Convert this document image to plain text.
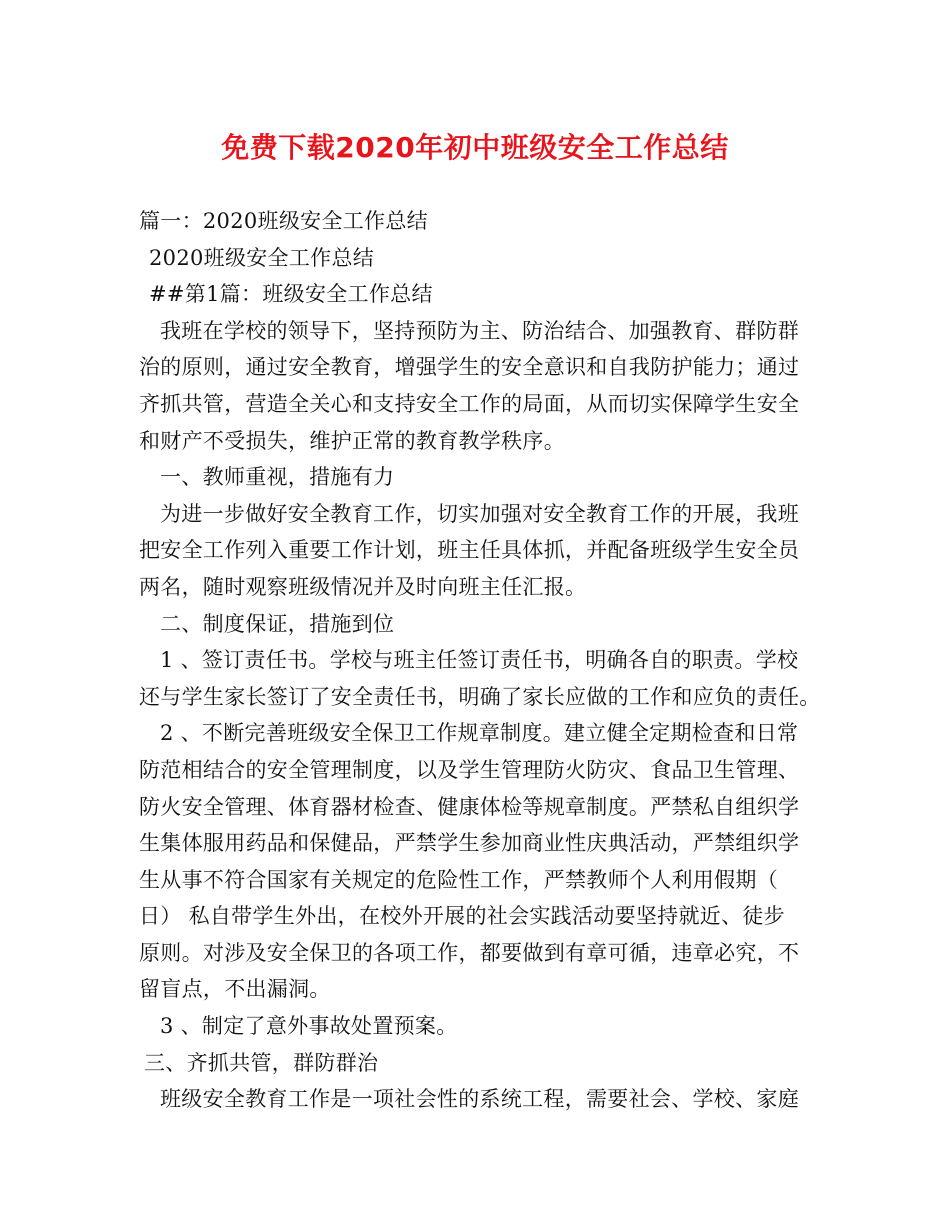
免费下载2020年初中班级安全工作总结
篇一：2020班级安全工作总结
2020班级安全工作总结
##第1篇：班级安全工作总结
我班在学校的领导下，坚持预防为主、防治结合、加强教育、群防群
治的原则，通过安全教育，增强学生的安全意识和自我防护能力；通过
齐抓共管，营造全关心和支持安全工作的局面，从而切实保障学生安全
和财产不受损失，维护正常的教育教学秩序。
一、教师重视，措施有力
为进一步做好安全教育工作，切实加强对安全教育工作的开展，我班
把安全工作列入重要工作计划，班主任具体抓，并配备班级学生安全员
两名，随时观察班级情况并及时向班主任汇报。
二、制度保证，措施到位
1 、签订责任书。学校与班主任签订责任书，明确各自的职责。学校
还与学生家长签订了安全责任书，明确了家长应做的工作和应负的责任。
2 、不断完善班级安全保卫工作规章制度。建立健全定期检查和日常
防范相结合的安全管理制度，以及学生管理防火防灾、食品卫生管理、
防火安全管理、体育器材检查、健康体检等规章制度。严禁私自组织学
生集体服用药品和保健品，严禁学生参加商业性庆典活动，严禁组织学
生从事不符合国家有关规定的危险性工作，严禁教师个人利用假期（
日） 私自带学生外出，在校外开展的社会实践活动要坚持就近、徒步
原则。对涉及安全保卫的各项工作，都要做到有章可循，违章必究，不
留盲点，不出漏洞。
3 、制定了意外事故处置预案。
三、齐抓共管，群防群治
班级安全教育工作是一项社会性的系统工程，需要社会、学校、家庭
